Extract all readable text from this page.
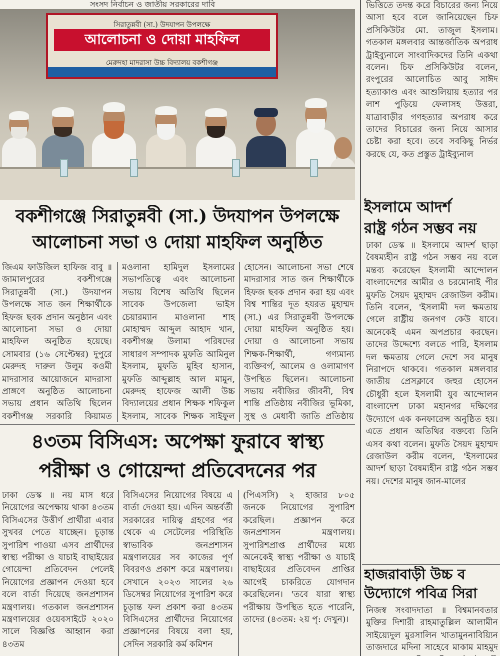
সংসদ নির্বাচন ও জাতীয় সরকারের দাবি
সিরাতুন্নবী (সা.) উদযাপন উপলক্ষে
আলোচনা ও দোয়া মাহফিল
মেরুদহা মাদরাসা উচ্চ বিদ্যালয় বকশীগঞ্জ
বকশীগঞ্জে সিরাতুন্নবী (সা.) উদযাপন উপলক্ষে
আলোচনা সভা ও দোয়া মাহফিল অনুষ্ঠিত

জিএম ফাউজিল হাফিজ বাবু ॥ জামালপুরের বকশীগঞ্জে সিরাতুন্নবী (সা.) উদযাপন উপলক্ষে সাত জন শিক্ষার্থীকে হিফজ ছবক প্রদান অনুষ্ঠান এবং আলোচনা সভা ও দোয়া মাহফিল অনুষ্ঠিত হয়েছে। সোমবার (১৬ সেপ্টেম্বর) দুপুরে মেরুদহ দারুল উলুম কওমী মাদরাসার আয়োজনে মাদরাসা প্রাঙ্গণে অনুষ্ঠিত আলোচনা সভায় প্রধান অতিথি ছিলেন বকশীগঞ্জ সরকারি কিয়ামত

মওলানা হামিদুল ইসলামের সভাপতিত্বে এবং আলোচনা সভায় বিশেষ অতিথি ছিলেন সাবেক উপজেলা ভাইস চেয়ারম্যান মাওলানা শাহ মোহাম্মদ আব্দুল আহাদ খান, বকশীগঞ্জ উলামা পরিষদের সাধারণ সম্পাদক মুফতি আমিনুল ইসলাম, মুফতি মুহিব হাসান, মুফতি আব্দুল্লাহ আল মামুন, মেরুদহ হাফেজ আলী উচ্চ বিদ্যালয়ের প্রধান শিক্ষক শফিকুল ইসলাম, সাবেক শিক্ষক সাইফুল

হোসেন। আলোচনা সভা শেষে মাদরাসার সাত জন শিক্ষার্থীকে হিফজ ছবক প্রদান করা হয় এবং বিশ্ব শান্তির দূত হযরত মুহাম্মদ (সা.) এর সিরাতুন্নবী উপলক্ষে দোয়া মাহফিল অনুষ্ঠিত হয়। দোয়া ও আলোচনা সভায় শিক্ষক-শিক্ষার্থী, গণ্যমান্য ব্যক্তিবর্গ, আলেম ও ওলামাগণ উপস্থিত ছিলেন। আলোচনা সভায় নবীজির জীবনী, বিশ্ব শান্তি প্রতিষ্ঠায় নবীজির ভূমিকা, সুস্থ ও মেধাবী জাতি প্রতিষ্ঠায়

৪৩তম বিসিএস: অপেক্ষা ফুরাবে স্বাস্থ্য
পরীক্ষা ও গোয়েন্দা প্রতিবেদনের পর

ঢাকা ডেস্ক ॥ নয় মাস ধরে নিয়োগের অপেক্ষায় থাকা ৪৩তম বিসিএসের উত্তীর্ণ প্রার্থীরা এবার সুখবর পেতে যাচ্ছেন। চূড়ান্ত সুপারিশ পাওয়া এসব প্রার্থীদের স্বাস্থ্য পরীক্ষা ও যাচাই বাছাইয়ের গোয়েন্দা প্রতিবেদন পেলেই নিয়োগের প্রজ্ঞাপন দেওয়া হবে বলে বার্তা দিয়েছে জনপ্রশাসন মন্ত্রণালয়। গতকাল জনপ্রশাসন মন্ত্রণালয়ের ওয়েবসাইটে ২০২০ সালে বিজ্ঞপ্তি আহ্বান করা ৪৩তম

বিসিএসের নিয়োগের বিষয়ে এ বার্তা দেওয়া হয়। এদিন অন্তর্বর্তী সরকারের দায়িত্ব গ্রহণের পর থেকে এ সেটেলের পরিস্থিতি স্বাভাবিক জনপ্রশাসন মন্ত্রণালয়ের সব কাজের পূর্ণ বিবরণও প্রকাশ করে মন্ত্রণালয়। সেখানে ২০২৩ সালের ২৬ ডিসেম্বর নিয়োগের সুপারিশ করে চূড়ান্ত ফল প্রকাশ করা ৪৩তম বিসিএসের প্রার্থীদের নিয়োগের প্রজ্ঞাপনের বিষয়ে বলা হয়, সেদিন সরকারি কর্ম কমিশন

(পিএসসি) ২ হাজার ৮০৫ জনকে নিয়োগের সুপারিশ করেছিল। প্রজ্ঞাপন করে জনপ্রশাসন মন্ত্রণালয়। সুপারিশপ্রাপ্ত প্রার্থীদের মধ্যে অনেকেই স্বাস্থ্য পরীক্ষা ও যাচাই বাছাইয়ের প্রতিবেদন প্রাপ্তির আগেই চাকরিতে যোগদান করেছিলেন। 'তবে যারা স্বাস্থ্য পরীক্ষায় উপস্থিত হতে পারেনি, তাদের (৪৩তম: ২য় পৃ: দেখুন)।

ভিত্তিতে তদন্ত করে বিচারের জন্য নিয়ে আসা হবে বলে জানিয়েছেন চিফ প্রসিকিউটর মো. তাজুল ইসলাম। গতকাল মঙ্গলবার আন্তর্জাতিক অপরাধ ট্রাইব্যুনালে সাংবাদিকদের তিনি একথা বলেন। চিফ প্রসিকিউটর বলেন, রংপুরের আলোচিত আবু সাঈদ হত্যাকাণ্ড এবং আশুলিয়ায় হত্যার পর লাশ পুড়িয়ে ফেলাসহ উত্তরা, যাত্রাবাড়ীর গণহত্যার অপরাধ করে তাদের বিচারের জন্য নিয়ে আসার চেষ্টা করা হবে। তবে সবকিছু নির্ভর করছে যে, কত প্রস্তুত ট্রাইব্যুনাল

ইসলামে আদর্শ
রাষ্ট্র গঠন সম্ভব নয়

ঢাকা ডেস্ক ॥ ইসলামে আদর্শ ছাড়া বৈষম্যহীন রাষ্ট্র গঠন সম্ভব নয় বলে মন্তব্য করেছেন ইসলামী আন্দোলন বাংলাদেশের আমীর ও চরমোনাই পীর মুফতি সৈয়দ মুহাম্মদ রেজাউল করীম। তিনি বলেন, 'ইসলামী দল ক্ষমতায় গেলে রাষ্ট্রীয় জনগণ কেউ যাবে। অনেকেই এমন অপপ্রচার করছেন। তাদের উদ্দেশ্যে বলতে পারি, ইসলাম দল ক্ষমতায় গেলে দেশে সব মানুষ নিরাপদে থাকবে। গতকাল মঙ্গলবার জাতীয় প্রেসক্লাবে জহুর হোসেন চৌধুরী হলে ইসলামী যুব আন্দোলন বাংলাদেশ ঢাকা মহানগর দক্ষিণের উদ্যোগে এক কনফারেন্স অনুষ্ঠিত হয়। এতে প্রধান অতিথির বক্তব্যে তিনি এসব কথা বলেন। মুফতি সৈয়দ মুহাম্মদ রেজাউল করীম বলেন, 'ইসলামের আদর্শ ছাড়া বৈষম্যহীন রাষ্ট্র গঠন সম্ভব নয়। দেশের মানুষ জান-মালের

হাজরাবাড়ী উচ্চ ব
উদ্যোগে পবিত্র সিরা

নিজস্ব সংবাদদাতা ॥ বিশ্বমানবতার মুক্তির দিশারী রাহমাতুল্লিল আলামীন সাইয়্যেদুল মুরসালিন খাতামুননাবিয়্যিন তাজদারে মদিনা সাহেবে মাকাম মাহমুদ
